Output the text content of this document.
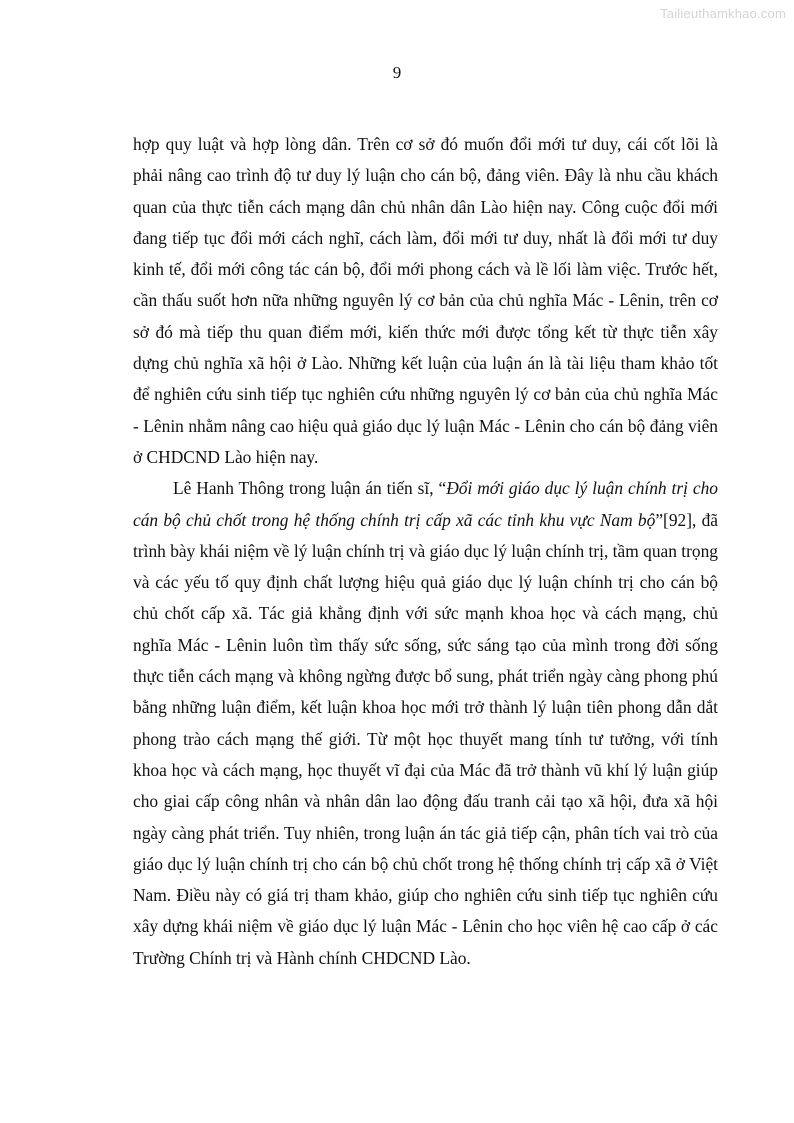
Tailieuthamkhao.com
9

hợp quy luật và hợp lòng dân. Trên cơ sở đó muốn đổi mới tư duy, cái cốt lõi là phải nâng cao trình độ tư duy lý luận cho cán bộ, đảng viên. Đây là nhu cầu khách quan của thực tiễn cách mạng dân chủ nhân dân Lào hiện nay. Công cuộc đổi mới đang tiếp tục đổi mới cách nghĩ, cách làm, đổi mới tư duy, nhất là đổi mới tư duy kinh tế, đổi mới công tác cán bộ, đổi mới phong cách và lề lối làm việc. Trước hết, cần thấu suốt hơn nữa những nguyên lý cơ bản của chủ nghĩa Mác - Lênin, trên cơ sở đó mà tiếp thu quan điểm mới, kiến thức mới được tổng kết từ thực tiễn xây dựng chủ nghĩa xã hội ở Lào. Những kết luận của luận án là tài liệu tham khảo tốt để nghiên cứu sinh tiếp tục nghiên cứu những nguyên lý cơ bản của chủ nghĩa Mác - Lênin nhằm nâng cao hiệu quả giáo dục lý luận Mác - Lênin cho cán bộ đảng viên ở CHDCND Lào hiện nay.

Lê Hanh Thông trong luận án tiến sĩ, “Đổi mới giáo dục lý luận chính trị cho cán bộ chủ chốt trong hệ thống chính trị cấp xã các tỉnh khu vực Nam bộ”[92], đã trình bày khái niệm về lý luận chính trị và giáo dục lý luận chính trị, tầm quan trọng và các yếu tố quy định chất lượng hiệu quả giáo dục lý luận chính trị cho cán bộ chủ chốt cấp xã. Tác giả khẳng định với sức mạnh khoa học và cách mạng, chủ nghĩa Mác - Lênin luôn tìm thấy sức sống, sức sáng tạo của mình trong đời sống thực tiễn cách mạng và không ngừng được bổ sung, phát triển ngày càng phong phú bằng những luận điểm, kết luận khoa học mới trở thành lý luận tiên phong dẫn dắt phong trào cách mạng thế giới. Từ một học thuyết mang tính tư tưởng, với tính khoa học và cách mạng, học thuyết vĩ đại của Mác đã trở thành vũ khí lý luận giúp cho giai cấp công nhân và nhân dân lao động đấu tranh cải tạo xã hội, đưa xã hội ngày càng phát triển. Tuy nhiên, trong luận án tác giả tiếp cận, phân tích vai trò của giáo dục lý luận chính trị cho cán bộ chủ chốt trong hệ thống chính trị cấp xã ở Việt Nam. Điều này có giá trị tham khảo, giúp cho nghiên cứu sinh tiếp tục nghiên cứu xây dựng khái niệm về giáo dục lý luận Mác - Lênin cho học viên hệ cao cấp ở các Trường Chính trị và Hành chính CHDCND Lào.
